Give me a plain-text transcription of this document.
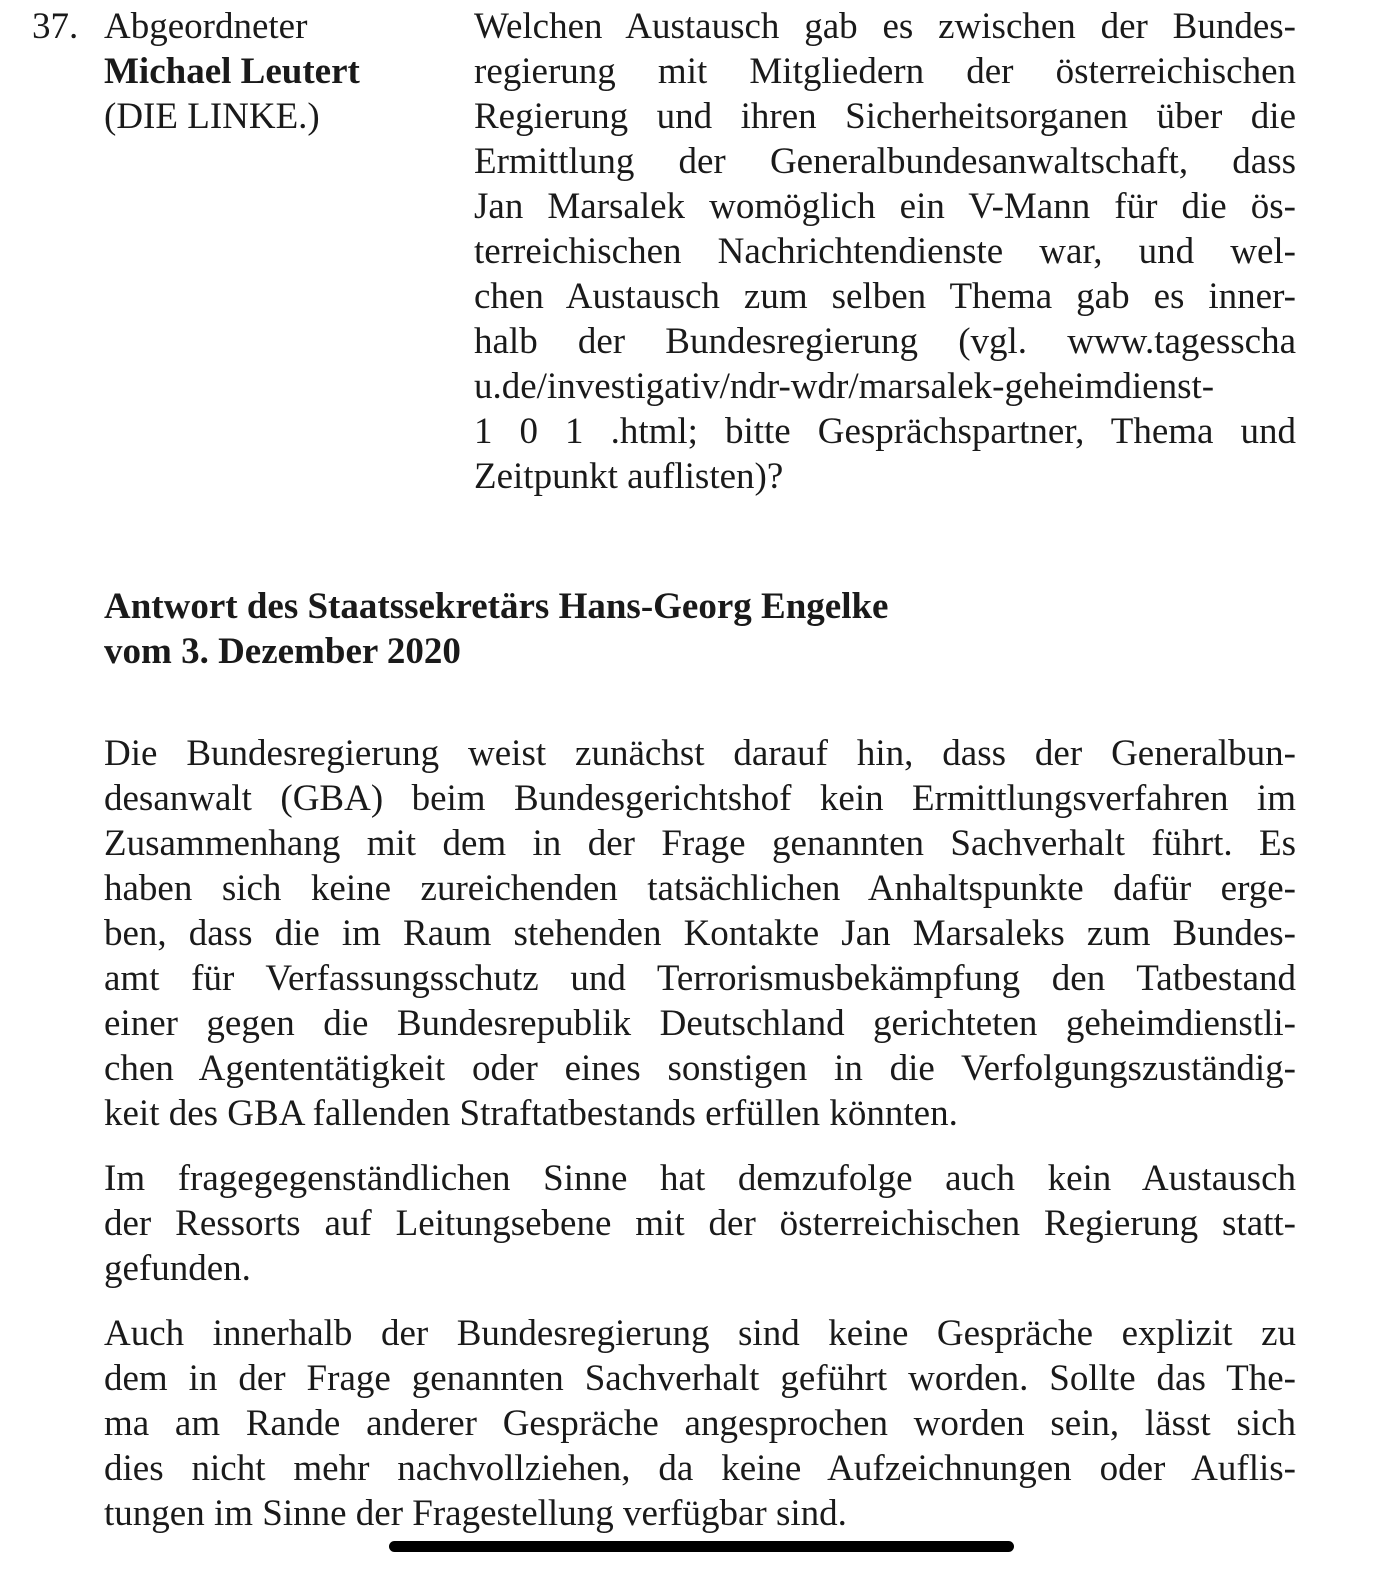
37. Abgeordneter
Michael Leutert
(DIE LINKE.)
Welchen Austausch gab es zwischen der Bundes-
regierung mit Mitgliedern der österreichischen
Regierung und ihren Sicherheitsorganen über die
Ermittlung der Generalbundesanwaltschaft, dass
Jan Marsalek womöglich ein V-Mann für die ös-
terreichischen Nachrichtendienste war, und wel-
chen Austausch zum selben Thema gab es inner-
halb der Bundesregierung (vgl. www.tagesscha
u.de/investigativ/ndr-wdr/marsalek-geheimdienst-
1 0 1 .html; bitte Gesprächspartner, Thema und
Zeitpunkt auflisten)?
Antwort des Staatssekretärs Hans-Georg Engelke
vom 3. Dezember 2020
Die Bundesregierung weist zunächst darauf hin, dass der Generalbun-
desanwalt (GBA) beim Bundesgerichtshof kein Ermittlungsverfahren im
Zusammenhang mit dem in der Frage genannten Sachverhalt führt. Es
haben sich keine zureichenden tatsächlichen Anhaltspunkte dafür erge-
ben, dass die im Raum stehenden Kontakte Jan Marsaleks zum Bundes-
amt für Verfassungsschutz und Terrorismusbekämpfung den Tatbestand
einer gegen die Bundesrepublik Deutschland gerichteten geheimdienstli-
chen Agententätigkeit oder eines sonstigen in die Verfolgungszuständig-
keit des GBA fallenden Straftatbestands erfüllen könnten.
Im fragegegenständlichen Sinne hat demzufolge auch kein Austausch
der Ressorts auf Leitungsebene mit der österreichischen Regierung statt-
gefunden.
Auch innerhalb der Bundesregierung sind keine Gespräche explizit zu
dem in der Frage genannten Sachverhalt geführt worden. Sollte das The-
ma am Rande anderer Gespräche angesprochen worden sein, lässt sich
dies nicht mehr nachvollziehen, da keine Aufzeichnungen oder Auflis-
tungen im Sinne der Fragestellung verfügbar sind.
